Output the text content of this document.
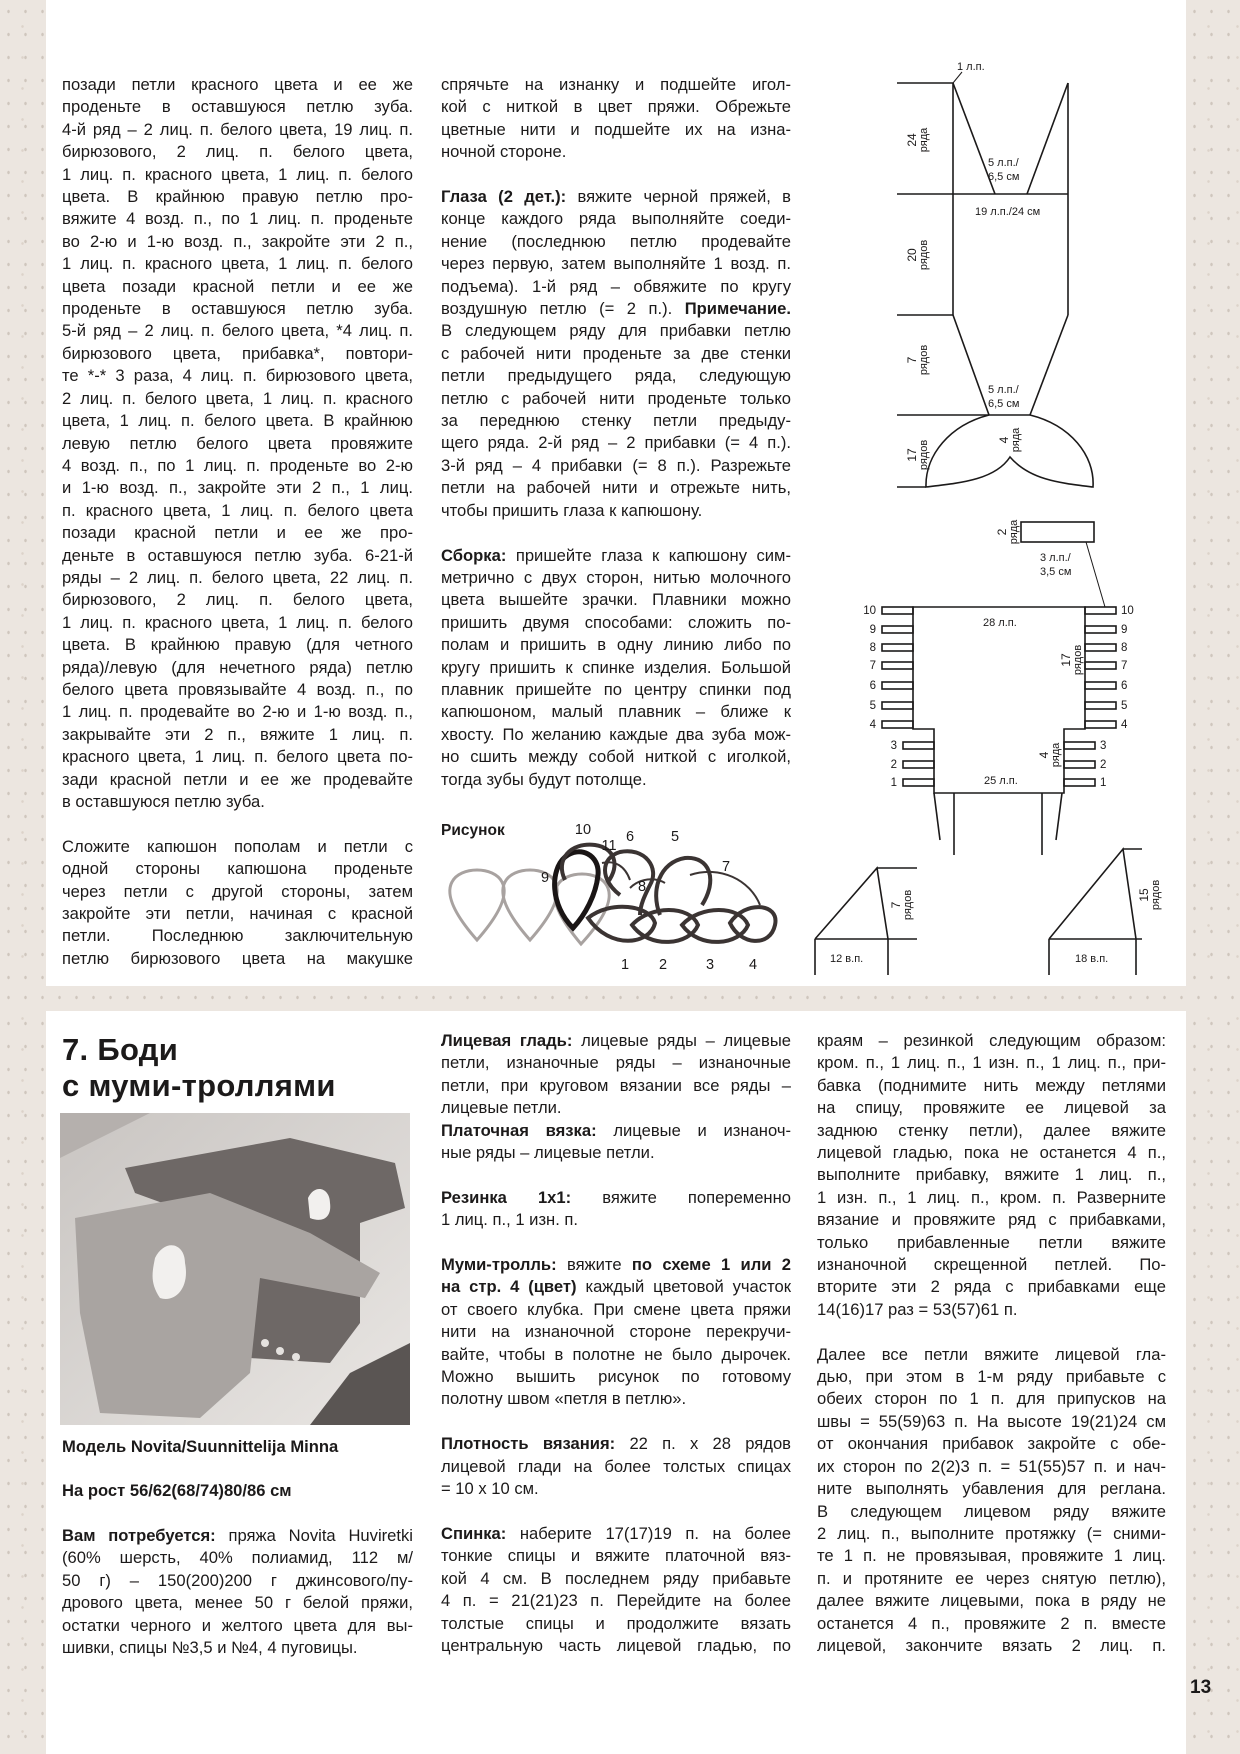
позади петли красного цвета и ее же
проденьте в оставшуюся петлю зуба.
4-й ряд – 2 лиц. п. белого цвета, 19 лиц. п.
бирюзового, 2 лиц. п. белого цвета,
1 лиц. п. красного цвета, 1 лиц. п. белого
цвета. В крайнюю правую петлю про-
вяжите 4 возд. п., по 1 лиц. п. проденьте
во 2-ю и 1-ю возд. п., закройте эти 2 п.,
1 лиц. п. красного цвета, 1 лиц. п. белого
цвета позади красной петли и ее же
проденьте в оставшуюся петлю зуба.
5-й ряд – 2 лиц. п. белого цвета, *4 лиц. п.
бирюзового цвета, прибавка*, повтори-
те *-* 3 раза, 4 лиц. п. бирюзового цвета,
2 лиц. п. белого цвета, 1 лиц. п. красного
цвета, 1 лиц. п. белого цвета. В крайнюю
левую петлю белого цвета провяжите
4 возд. п., по 1 лиц. п. проденьте во 2-ю
и 1-ю возд. п., закройте эти 2 п., 1 лиц.
п. красного цвета, 1 лиц. п. белого цвета
позади красной петли и ее же про-
деньте в оставшуюся петлю зуба. 6-21-й
ряды – 2 лиц. п. белого цвета, 22 лиц. п.
бирюзового, 2 лиц. п. белого цвета,
1 лиц. п. красного цвета, 1 лиц. п. белого
цвета. В крайнюю правую (для четного
ряда)/левую (для нечетного ряда) петлю
белого цвета провязывайте 4 возд. п., по
1 лиц. п. продевайте во 2-ю и 1-ю возд. п.,
закрывайте эти 2 п., вяжите 1 лиц. п.
красного цвета, 1 лиц. п. белого цвета по-
зади красной петли и ее же продевайте
в оставшуюся петлю зуба.
Сложите капюшон пополам и петли с
одной стороны капюшона проденьте
через петли с другой стороны, затем
закройте эти петли, начиная с красной
петли. Последнюю заключительную
петлю бирюзового цвета на макушке
спрячьте на изнанку и подшейте игол-
кой с ниткой в цвет пряжи. Обрежьте
цветные нити и подшейте их на изна-
ночной стороне.
Глаза (2 дет.): вяжите черной пряжей, в
конце каждого ряда выполняйте соеди-
нение (последнюю петлю продевайте
через первую, затем выполняйте 1 возд. п.
подъема). 1-й ряд – обвяжите по кругу
воздушную петлю (= 2 п.). Примечание.
В следующем ряду для прибавки петлю
с рабочей нити проденьте за две стенки
петли предыдущего ряда, следующую
петлю с рабочей нити проденьте только
за переднюю стенку петли предыду-
щего ряда. 2-й ряд – 2 прибавки (= 4 п.).
3-й ряд – 4 прибавки (= 8 п.). Разрежьте
петли на рабочей нити и отрежьте нить,
чтобы пришить глаза к капюшону.
Сборка: пришейте глаза к капюшону сим-
метрично с двух сторон, нитью молочного
цвета вышейте зрачки. Плавники можно
пришить двумя способами: сложить по-
полам и пришить в одну линию либо по
кругу пришить к спинке изделия. Большой
плавник пришейте по центру спинки под
капюшоном, малый плавник – ближе к
хвосту. По желанию каждые два зуба мож-
но сшить между собой ниткой с иголкой,
тогда зубы будут потолще.
Рисунок	10
11
6	5
9
8
7
1 2	3 4
1 л.п.
24 ряда
5 л.п./
6,5 см
19 л.п./24 см
20 рядов
7 рядов
5 л.п./
6,5 см
4 ряда
17 рядов
2 ряда
3 л.п./
3,5 см
28 л.п.
17 рядов
4 ряда
25 л.п.
10	10
9	9
8	8
7	7
6	6
5	5
4	4
3	3
2	2
1	1
7 рядов
12 в.п.
15 рядов
18 в.п.
7. Боди
с муми-троллями
Модель Novita/Suunnittelija Minna
На рост 56/62(68/74)80/86 см
Вам потребуется: пряжа Novita Huviretki
(60% шерсть, 40% полиамид, 112 м/
50 г) – 150(200)200 г джинсового/пу-
дрового цвета, менее 50 г белой пряжи,
остатки черного и желтого цвета для вы-
шивки, спицы №3,5 и №4, 4 пуговицы.
Лицевая гладь: лицевые ряды – лицевые
петли, изнаночные ряды – изнаночные
петли, при круговом вязании все ряды –
лицевые петли.
Платочная вязка: лицевые и изнаноч-
ные ряды – лицевые петли.
Резинка 1х1: вяжите попеременно
1 лиц. п., 1 изн. п.
Муми-тролль: вяжите по схеме 1 или 2
на стр. 4 (цвет) каждый цветовой участок
от своего клубка. При смене цвета пряжи
нити на изнаночной стороне перекручи-
вайте, чтобы в полотне не было дырочек.
Можно вышить рисунок по готовому
полотну швом «петля в петлю».
Плотность вязания: 22 п. х 28 рядов
лицевой глади на более толстых спицах
= 10 х 10 см.
Спинка: наберите 17(17)19 п. на более
тонкие спицы и вяжите платочной вяз-
кой 4 см. В последнем ряду прибавьте
4 п. = 21(21)23 п. Перейдите на более
толстые спицы и продолжите вязать
центральную часть лицевой гладью, по
краям – резинкой следующим образом:
кром. п., 1 лиц. п., 1 изн. п., 1 лиц. п., при-
бавка (поднимите нить между петлями
на спицу, провяжите ее лицевой за
заднюю стенку петли), далее вяжите
лицевой гладью, пока не останется 4 п.,
выполните прибавку, вяжите 1 лиц. п.,
1 изн. п., 1 лиц. п., кром. п. Разверните
вязание и провяжите ряд с прибавками,
только прибавленные петли вяжите
изнаночной скрещенной петлей. По-
вторите эти 2 ряда с прибавками еще
14(16)17 раз = 53(57)61 п.
Далее все петли вяжите лицевой гла-
дью, при этом в 1-м ряду прибавьте с
обеих сторон по 1 п. для припусков на
швы = 55(59)63 п. На высоте 19(21)24 см
от окончания прибавок закройте с обе-
их сторон по 2(2)3 п. = 51(55)57 п. и нач-
ните выполнять убавления для реглана.
В следующем лицевом ряду вяжите
2 лиц. п., выполните протяжку (= сними-
те 1 п. не провязывая, провяжите 1 лиц.
п. и протяните ее через снятую петлю),
далее вяжите лицевыми, пока в ряду не
останется 4 п., провяжите 2 п. вместе
лицевой, закончите вязать 2 лиц. п.
13
